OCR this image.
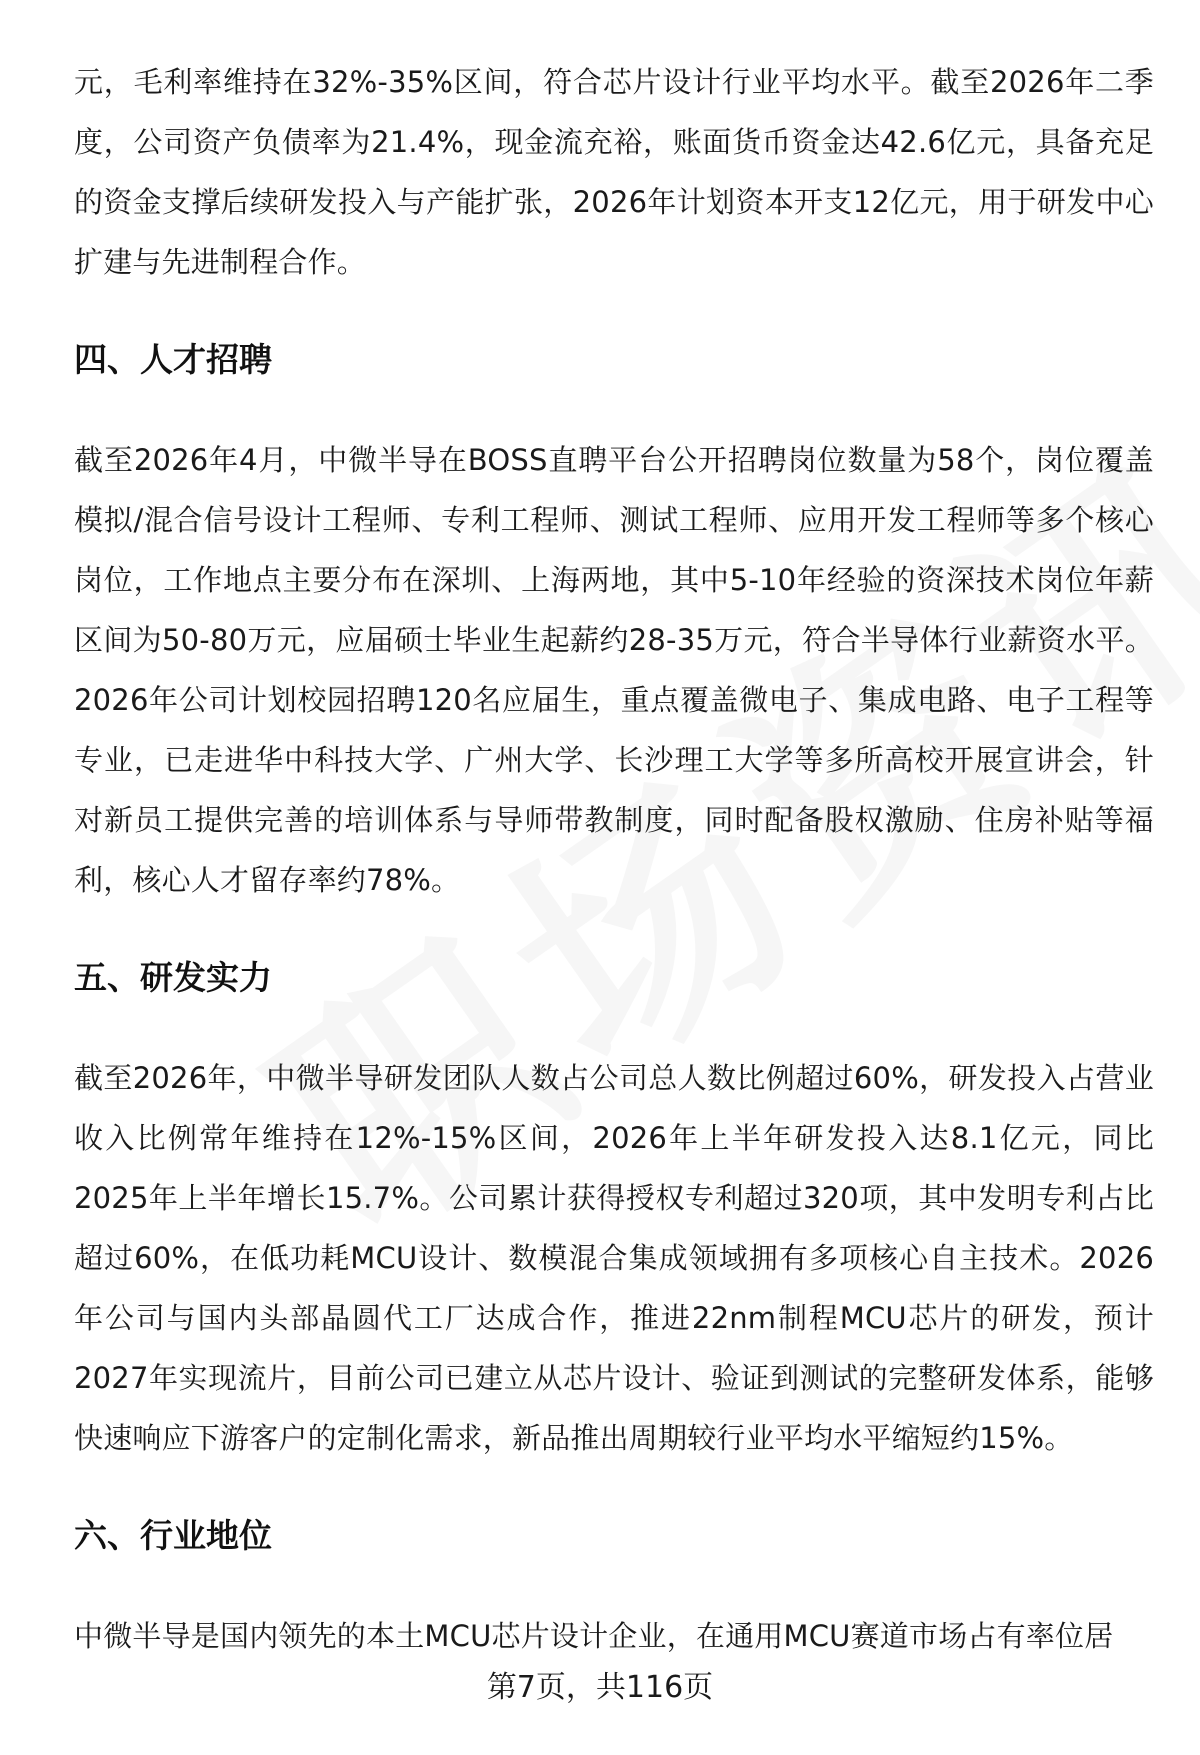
元，毛利率维持在32%-35%区间，符合芯片设计行业平均水平。截至2026年二季度，公司资产负债率为21.4%，现金流充裕，账面货币资金达42.6亿元，具备充足的资金支撑后续研发投入与产能扩张，2026年计划资本开支12亿元，用于研发中心扩建与先进制程合作。

四、人才招聘

截至2026年4月，中微半导在BOSS直聘平台公开招聘岗位数量为58个，岗位覆盖模拟/混合信号设计工程师、专利工程师、测试工程师、应用开发工程师等多个核心岗位，工作地点主要分布在深圳、上海两地，其中5-10年经验的资深技术岗位年薪区间为50-80万元，应届硕士毕业生起薪约28-35万元，符合半导体行业薪资水平。2026年公司计划校园招聘120名应届生，重点覆盖微电子、集成电路、电子工程等专业，已走进华中科技大学、广州大学、长沙理工大学等多所高校开展宣讲会，针对新员工提供完善的培训体系与导师带教制度，同时配备股权激励、住房补贴等福利，核心人才留存率约78%。

五、研发实力

截至2026年，中微半导研发团队人数占公司总人数比例超过60%，研发投入占营业收入比例常年维持在12%-15%区间，2026年上半年研发投入达8.1亿元，同比2025年上半年增长15.7%。公司累计获得授权专利超过320项，其中发明专利占比超过60%，在低功耗MCU设计、数模混合集成领域拥有多项核心自主技术。2026年公司与国内头部晶圆代工厂达成合作，推进22nm制程MCU芯片的研发，预计2027年实现流片，目前公司已建立从芯片设计、验证到测试的完整研发体系，能够快速响应下游客户的定制化需求，新品推出周期较行业平均水平缩短约15%。

六、行业地位

中微半导是国内领先的本土MCU芯片设计企业，在通用MCU赛道市场占有率位居

第7页，共116页
